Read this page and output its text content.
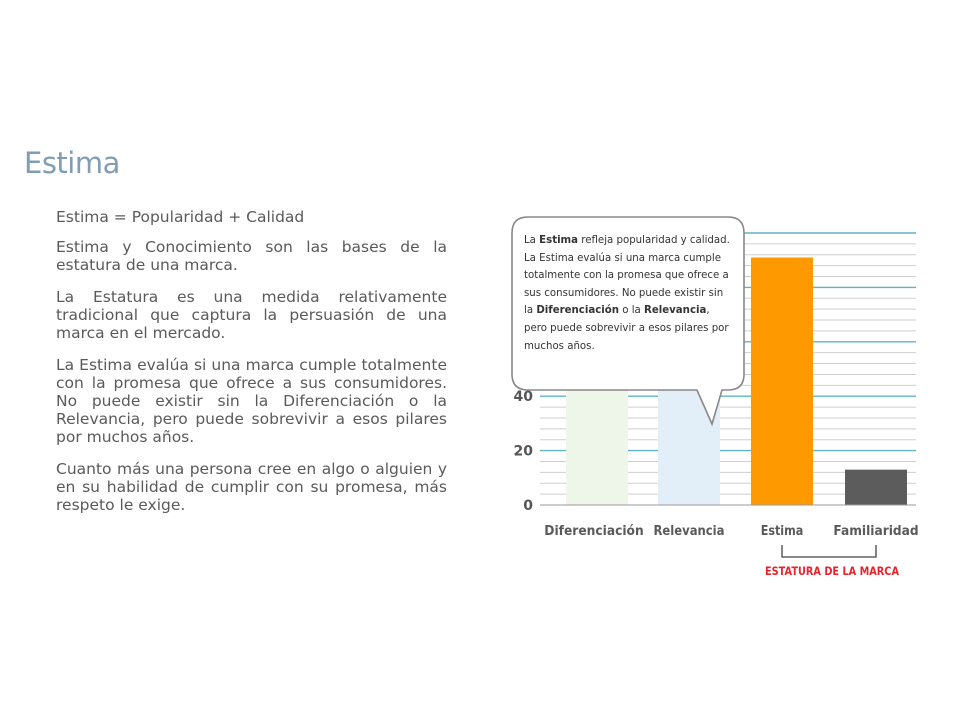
Estima

Estima = Popularidad + Calidad

Estima y Conocimiento son las bases de la estatura de una marca.

La Estatura es una medida relativamente tradicional que captura la persuasión de una marca en el mercado.

La Estima evalúa si una marca cumple totalmente con la promesa que ofrece a sus consumidores. No puede existir sin la Diferenciación o la Relevancia, pero puede sobrevivir a esos pilares por muchos años.

Cuanto más una persona cree en algo o alguien y en su habilidad de cumplir con su promesa, más respeto le exige.	0
20
40
Diferenciación Relevancia	Estima Familiaridad
ESTATURA DE LA MARCA
La Estima refleja popularidad y calidad. La Estima evalúa si una marca cumple totalmente con la promesa que ofrece a sus consumidores. No puede existir sin la Diferenciación o la Relevancia, pero puede sobrevivir a esos pilares por muchos años.
